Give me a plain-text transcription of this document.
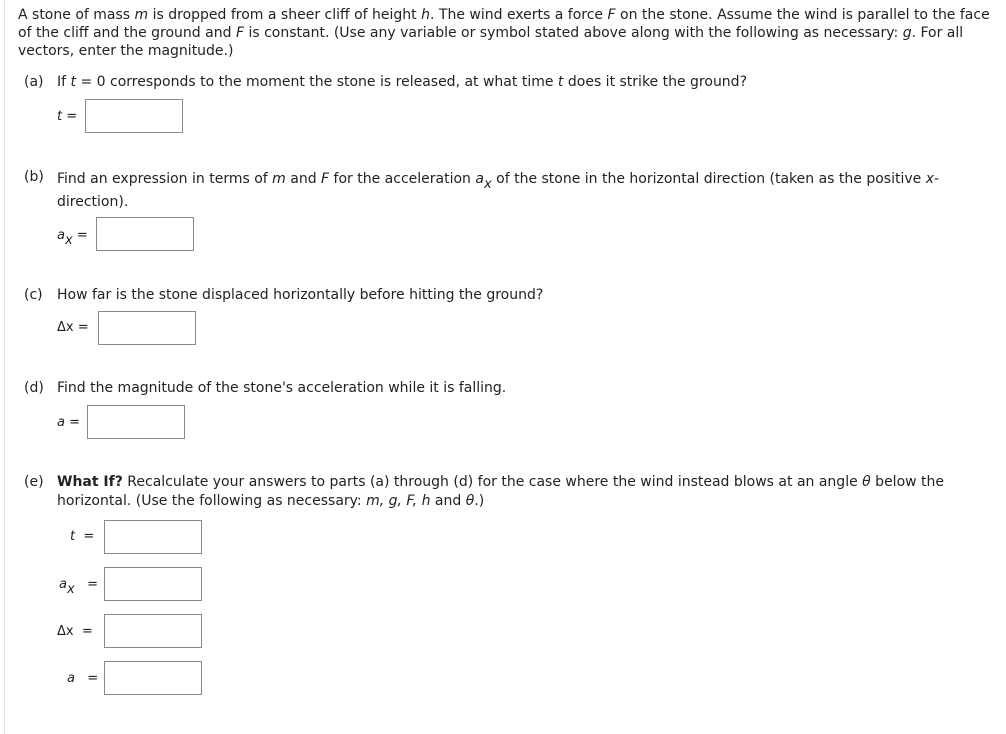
A stone of mass m is dropped from a sheer cliff of height h. The wind exerts a force F on the stone. Assume the wind is parallel to the face of the cliff and the ground and F is constant. (Use any variable or symbol stated above along with the following as necessary: g. For all vectors, enter the magnitude.)
(a) If t = 0 corresponds to the moment the stone is released, at what time t does it strike the ground?
t =
(b) Find an expression in terms of m and F for the acceleration ax of the stone in the horizontal direction (taken as the positive x-direction).
ax =
(c) How far is the stone displaced horizontally before hitting the ground?
Δx =
(d) Find the magnitude of the stone's acceleration while it is falling.
a =
(e) What If? Recalculate your answers to parts (a) through (d) for the case where the wind instead blows at an angle θ below the horizontal. (Use the following as necessary: m, g, F, h and θ.)
t =
ax =
Δx =
a =
